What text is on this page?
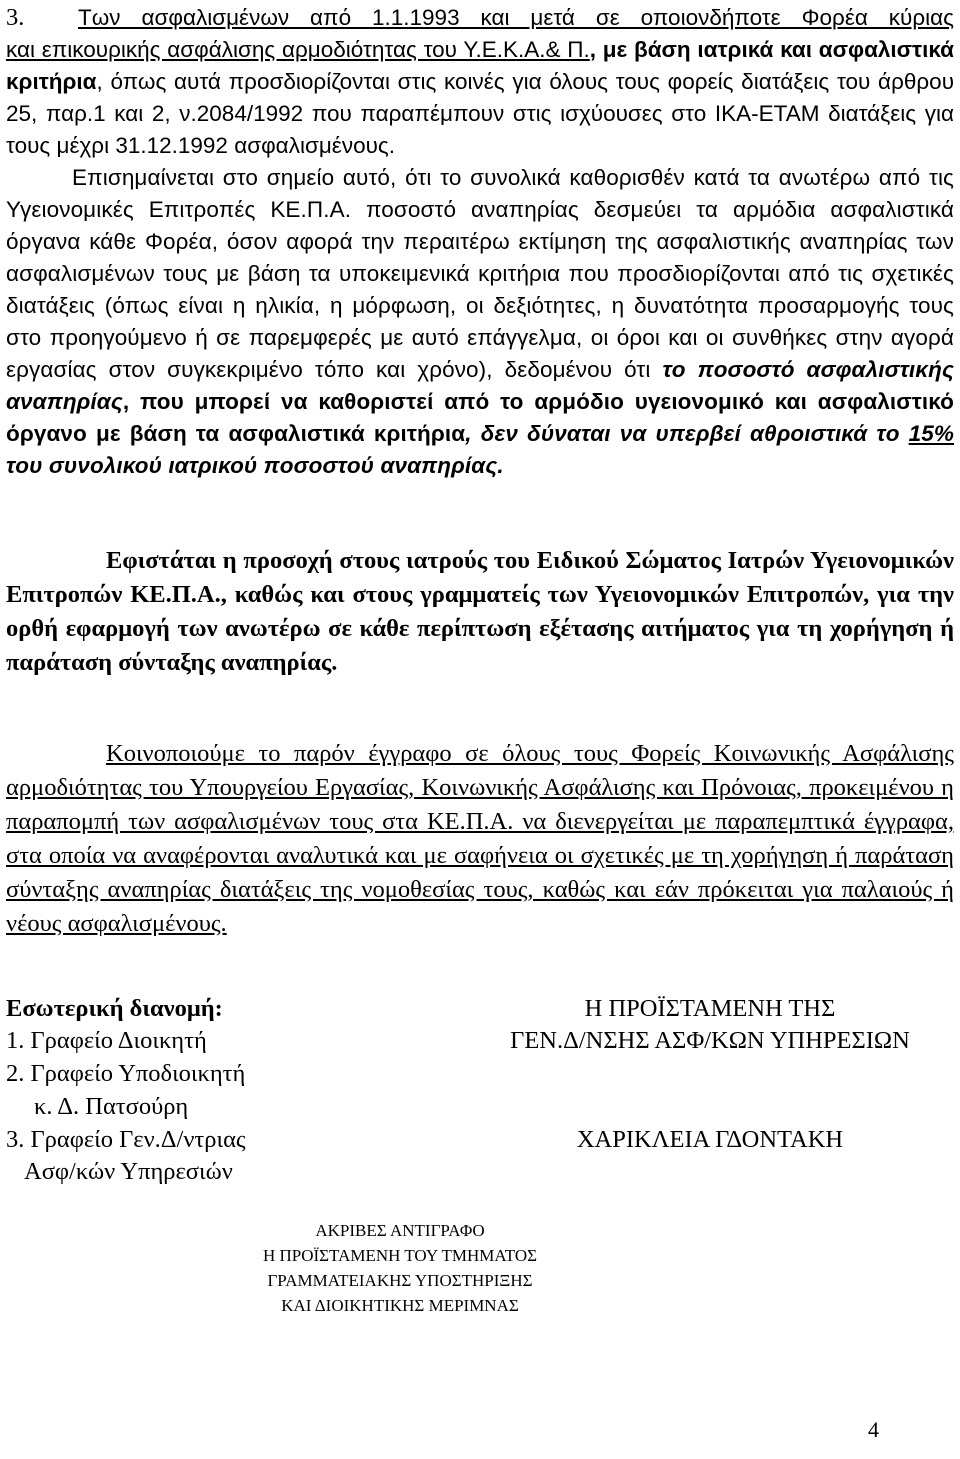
3. Των ασφαλισμένων από 1.1.1993 και μετά σε οποιονδήποτε Φορέα κύριας
και επικουρικής ασφάλισης αρμοδιότητας του Υ.Ε.Κ.Α.& Π., με βάση ιατρικά και ασφαλιστικά κριτήρια, όπως αυτά προσδιορίζονται στις κοινές για όλους τους φορείς διατάξεις του άρθρου 25, παρ.1 και 2, ν.2084/1992 που παραπέμπουν στις ισχύουσες στο ΙΚΑ-ΕΤΑΜ διατάξεις για τους μέχρι 31.12.1992 ασφαλισμένους.
Επισημαίνεται στο σημείο αυτό, ότι το συνολικά καθορισθέν κατά τα ανωτέρω από τις Υγειονομικές Επιτροπές ΚΕ.Π.Α. ποσοστό αναπηρίας δεσμεύει τα αρμόδια ασφαλιστικά όργανα κάθε Φορέα, όσον αφορά την περαιτέρω εκτίμηση της ασφαλιστικής αναπηρίας των ασφαλισμένων τους με βάση τα υποκειμενικά κριτήρια που προσδιορίζονται από τις σχετικές διατάξεις (όπως είναι η ηλικία, η μόρφωση, οι δεξιότητες, η δυνατότητα προσαρμογής τους στο προηγούμενο ή σε παρεμφερές με αυτό επάγγελμα, οι όροι και οι συνθήκες στην αγορά εργασίας στον συγκεκριμένο τόπο και χρόνο), δεδομένου ότι το ποσοστό ασφαλιστικής αναπηρίας, που μπορεί να καθοριστεί από το αρμόδιο υγειονομικό και ασφαλιστικό όργανο με βάση τα ασφαλιστικά κριτήρια, δεν δύναται να υπερβεί αθροιστικά το 15% του συνολικού ιατρικού ποσοστού αναπηρίας.
Εφιστάται η προσοχή στους ιατρούς του Ειδικού Σώματος Ιατρών Υγειονομικών Επιτροπών ΚΕ.Π.Α., καθώς και στους γραμματείς των Υγειονομικών Επιτροπών, για την ορθή εφαρμογή των ανωτέρω σε κάθε περίπτωση εξέτασης αιτήματος για τη χορήγηση ή παράταση σύνταξης αναπηρίας.
Κοινοποιούμε το παρόν έγγραφο σε όλους τους Φορείς Κοινωνικής Ασφάλισης αρμοδιότητας του Υπουργείου Εργασίας, Κοινωνικής Ασφάλισης και Πρόνοιας, προκειμένου η παραπομπή των ασφαλισμένων τους στα ΚΕ.Π.Α. να διενεργείται με παραπεμπτικά έγγραφα, στα οποία να αναφέρονται αναλυτικά και με σαφήνεια οι σχετικές με τη χορήγηση ή παράταση σύνταξης αναπηρίας διατάξεις της νομοθεσίας τους, καθώς και εάν πρόκειται για παλαιούς ή νέους ασφαλισμένους.
Εσωτερική διανομή:
1. Γραφείο Διοικητή
2. Γραφείο Υποδιοικητή
κ. Δ. Πατσούρη
3. Γραφείο Γεν.Δ/ντριας
Ασφ/κών Υπηρεσιών
Η ΠΡΟΪΣΤΑΜΕΝΗ ΤΗΣ
ΓΕΝ.Δ/ΝΣΗΣ ΑΣΦ/ΚΩΝ ΥΠΗΡΕΣΙΩΝ
ΧΑΡΙΚΛΕΙΑ ΓΔΟΝΤΑΚΗ
ΑΚΡΙΒΕΣ ΑΝΤΙΓΡΑΦΟ
Η ΠΡΟΪΣΤΑΜΕΝΗ ΤΟΥ ΤΜΗΜΑΤΟΣ
ΓΡΑΜΜΑΤΕΙΑΚΗΣ ΥΠΟΣΤΗΡΙΞΗΣ
ΚΑΙ ΔΙΟΙΚΗΤΙΚΗΣ ΜΕΡΙΜΝΑΣ
4
